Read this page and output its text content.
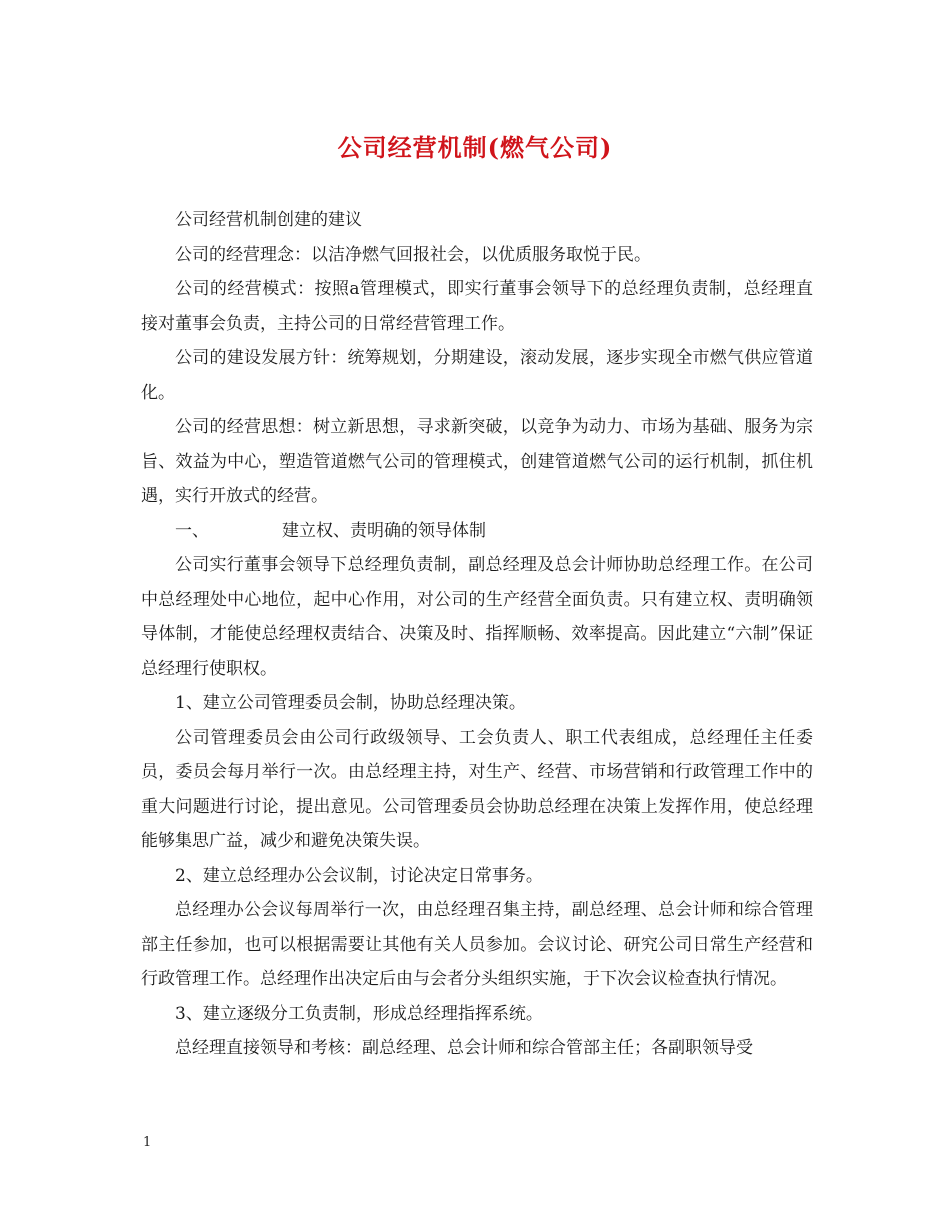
公司经营机制(燃气公司)

公司经营机制创建的建议

公司的经营理念：以洁净燃气回报社会，以优质服务取悦于民。

公司的经营模式：按照a管理模式，即实行董事会领导下的总经理负责制，总经理直接对董事会负责，主持公司的日常经营管理工作。

公司的建设发展方针：统筹规划，分期建设，滚动发展，逐步实现全市燃气供应管道化。

公司的经营思想：树立新思想，寻求新突破，以竞争为动力、市场为基础、服务为宗旨、效益为中心，塑造管道燃气公司的管理模式，创建管道燃气公司的运行机制，抓住机遇，实行开放式的经营。

一、	建立权、责明确的领导体制

公司实行董事会领导下总经理负责制，副总经理及总会计师协助总经理工作。在公司中总经理处中心地位，起中心作用，对公司的生产经营全面负责。只有建立权、责明确领导体制，才能使总经理权责结合、决策及时、指挥顺畅、效率提高。因此建立“六制”保证总经理行使职权。

1、建立公司管理委员会制，协助总经理决策。

公司管理委员会由公司行政级领导、工会负责人、职工代表组成，总经理任主任委员，委员会每月举行一次。由总经理主持，对生产、经营、市场营销和行政管理工作中的重大问题进行讨论，提出意见。公司管理委员会协助总经理在决策上发挥作用，使总经理能够集思广益，减少和避免决策失误。

2、建立总经理办公会议制，讨论决定日常事务。

总经理办公会议每周举行一次，由总经理召集主持，副总经理、总会计师和综合管理部主任参加，也可以根据需要让其他有关人员参加。会议讨论、研究公司日常生产经营和行政管理工作。总经理作出决定后由与会者分头组织实施，于下次会议检查执行情况。

3、建立逐级分工负责制，形成总经理指挥系统。

总经理直接领导和考核：副总经理、总会计师和综合管部主任；各副职领导受

1
